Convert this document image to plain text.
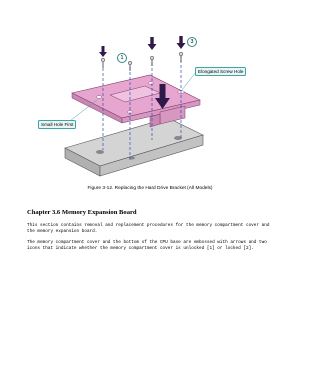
1
3
Elongated Screw Hole
Small Hole First
Figure 3-12. Replacing the Hard Drive Bracket (All Models)
Chapter 3.6 Memory Expansion Board

This section contains removal and replacement procedures for the memory compartment cover and the memory expansion board.

The memory compartment cover and the bottom of the CPU base are embossed with arrows and two icons that indicate whether the memory compartment cover is unlocked [1] or locked [2].
